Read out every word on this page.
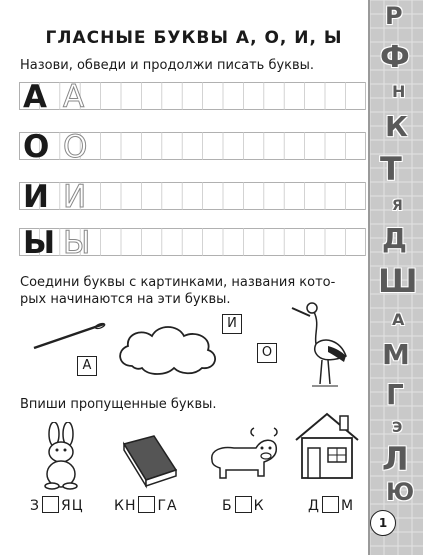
Р
Ф
Н
К
Т
Я
Д
Ш
А
М
Г
Э
Л
Ю
1
ГЛАСНЫЕ БУКВЫ А, О, И, Ы
Назови, обведи и продолжи писать буквы.
А А
О О
И И
Ы Ы
Соедини буквы с картинками, названия кото-
рых начинаются на эти буквы.
А
И
О
Впиши пропущенные буквы.
З ЯЦ КН ГА	Б К	Д М
